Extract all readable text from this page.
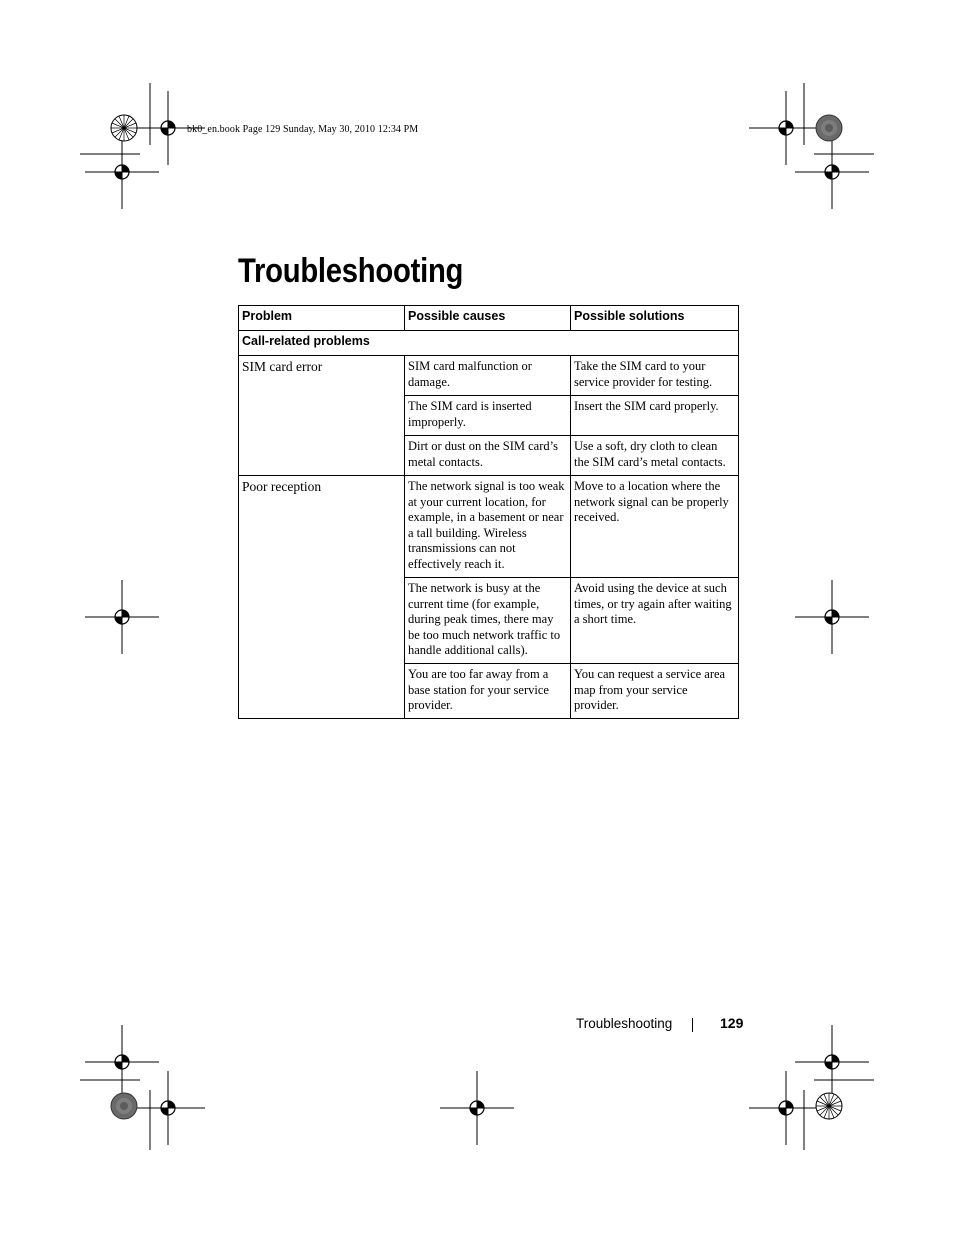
bk0_en.book Page 129 Sunday, May 30, 2010 12:34 PM
Troubleshooting
Problem	Possible causes	Possible solutions
Call-related problems		
SIM card error	SIM card malfunction or damage.	Take the SIM card to your service provider for testing.
	The SIM card is inserted improperly.	Insert the SIM card properly.
	Dirt or dust on the SIM card’s metal contacts.	Use a soft, dry cloth to clean the SIM card’s metal contacts.
Poor reception	The network signal is too weak at your current location, for example, in a basement or near a tall building. Wireless transmissions can not effectively reach it.	Move to a location where the network signal can be properly received.
	The network is busy at the current time (for example, during peak times, there may be too much network traffic to handle additional calls).	Avoid using the device at such times, or try again after waiting a short time.
	You are too far away from a base station for your service provider.	You can request a service area map from your service provider.
Troubleshooting	129
